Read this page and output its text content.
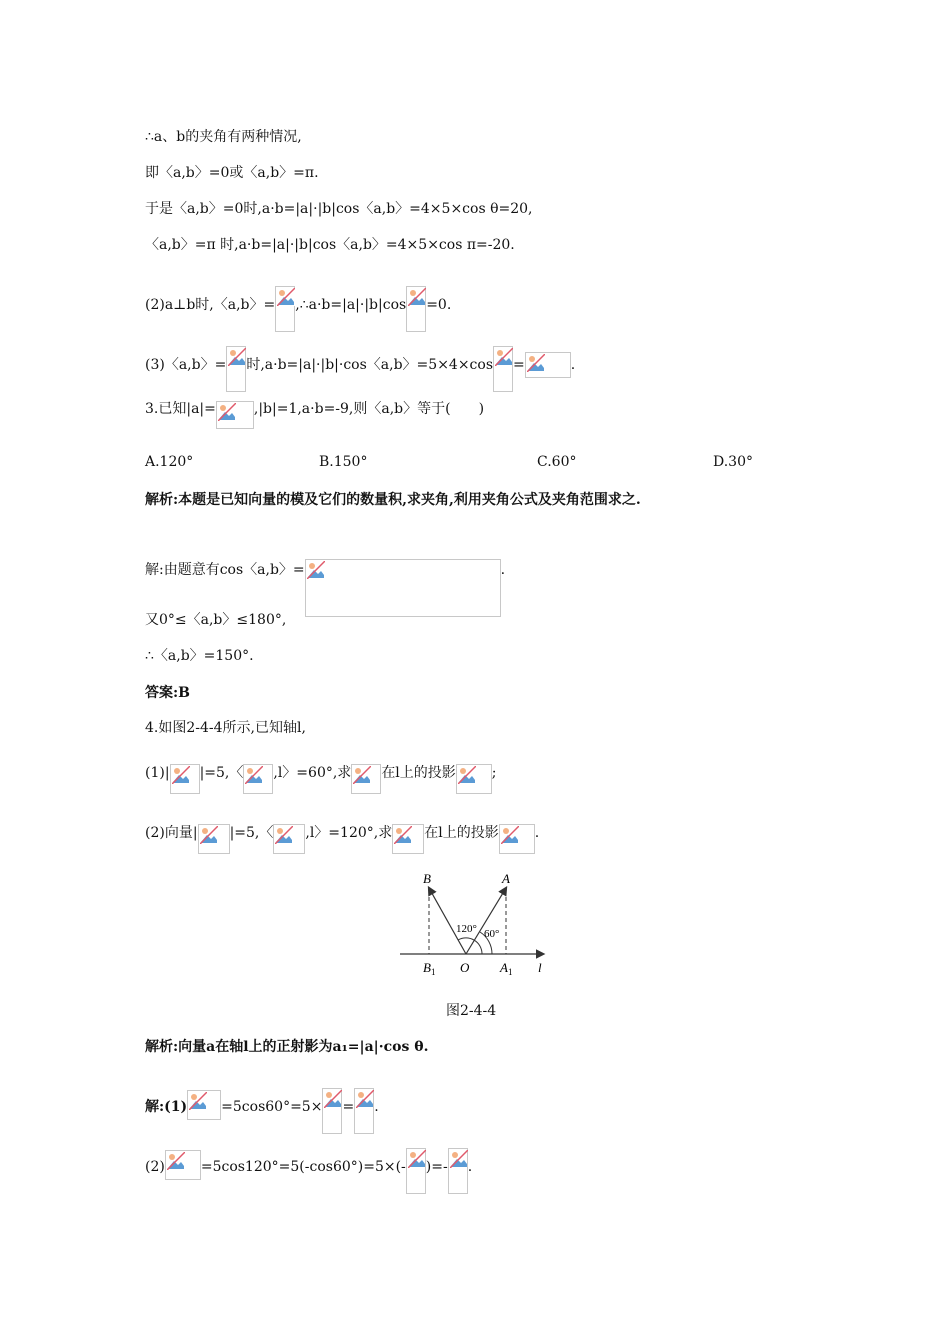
∴a、b的夹角有两种情况,
即〈a,b〉=0或〈a,b〉=π.
于是〈a,b〉=0时,a·b=|a|·|b|cos〈a,b〉=4×5×cos θ=20,
〈a,b〉=π 时,a·b=|a|·|b|cos〈a,b〉=4×5×cos π=-20.
(2)a⊥b时,〈a,b〉= ,∴a·b=|a|·|b|cos =0.
(3)〈a,b〉= 时,a·b=|a|·|b|·cos〈a,b〉=5×4×cos =	.
3.已知|a|=	,|b|=1,a·b=-9,则〈a,b〉等于(　　)
A.120°	B.150°	C.60°	D.30°
解析:本题是已知向量的模及它们的数量积,求夹角,利用夹角公式及夹角范围求之.
解:由题意有cos〈a,b〉=	.
又0°≤〈a,b〉≤180°,
∴〈a,b〉=150°.
答案:B
4.如图2-4-4所示,已知轴l,
(1)| |=5,〈 ,l〉=60°,求 在l上的投影	;
(2)向量| |=5,〈 ,l〉=120°,求 在l上的投影	.
B	A
120° 60°
$B_1$ O $A_1$ l
图2-4-4
解析:向量a在轴l上的正射影为a₁=|a|·cos θ.
解:(1) =5cos60°=5× = .
(2)	=5cos120°=5(-cos60°)=5×(- )=- .
